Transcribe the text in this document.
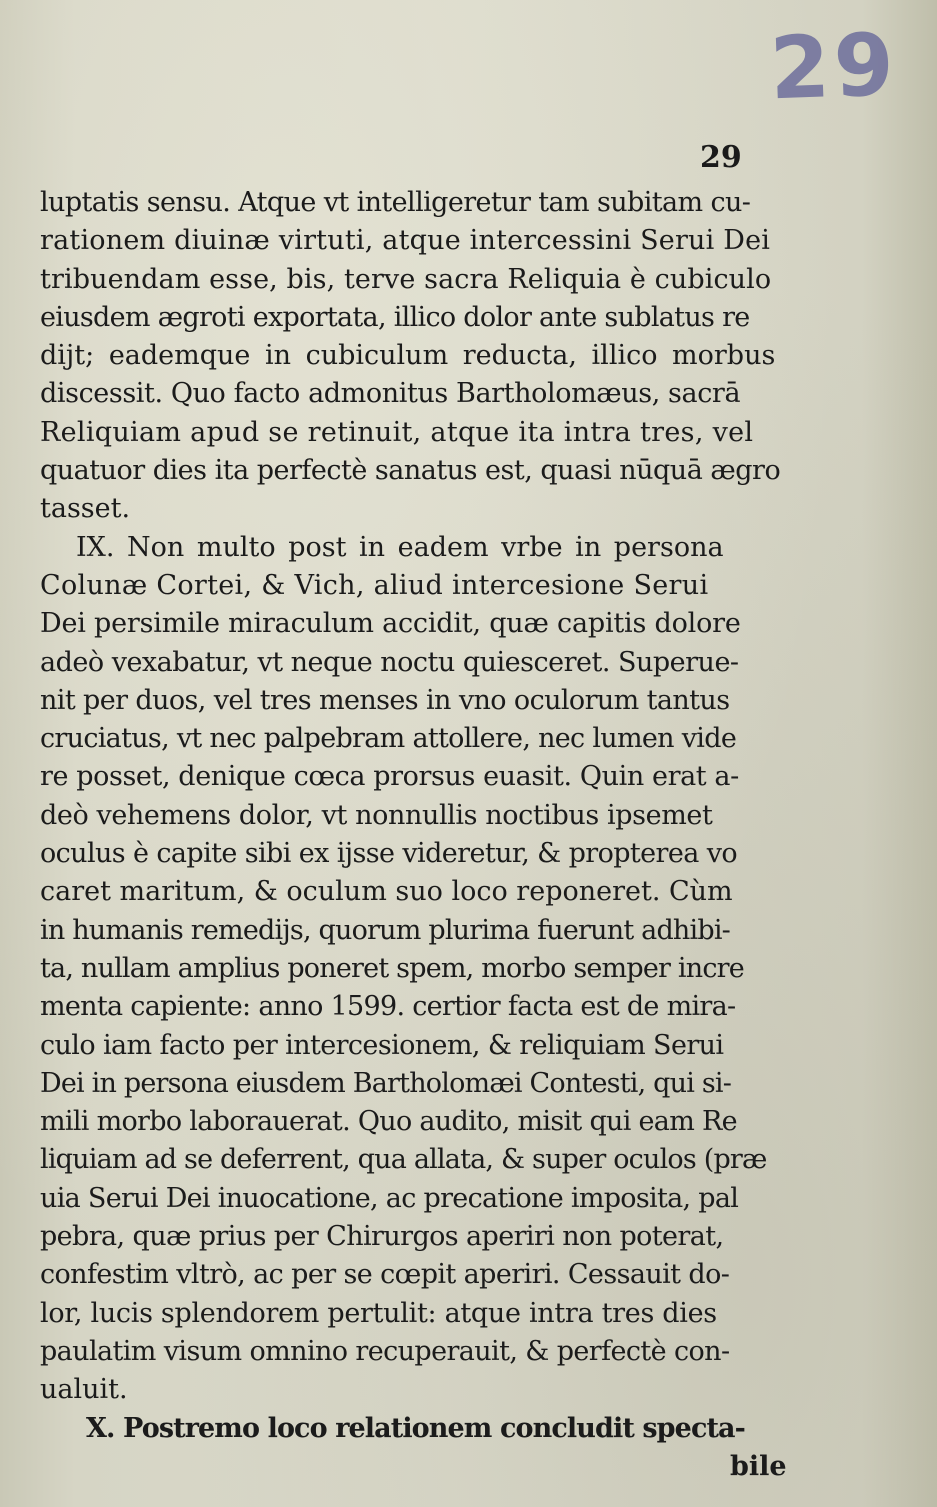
29
29
luptatis sensu. Atque vt intelligeretur tam subitam cu-
rationem diuinæ virtuti, atque intercessini Serui Dei
tribuendam esse, bis, terve sacra Reliquia è cubiculo
eiusdem ægroti exportata, illico dolor ante sublatus re
dijt; eademque in cubiculum reducta, illico morbus
discessit. Quo facto admonitus Bartholomæus, sacrā
Reliquiam apud se retinuit, atque ita intra tres, vel
quatuor dies ita perfectè sanatus est, quasi nūquā ægro
tasset.
IX. Non multo post in eadem vrbe in persona
Colunæ Cortei, & Vich, aliud intercesione Serui
Dei persimile miraculum accidit, quæ capitis dolore
adeò vexabatur, vt neque noctu quiesceret. Superue-
nit per duos, vel tres menses in vno oculorum tantus
cruciatus, vt nec palpebram attollere, nec lumen vide
re posset, denique cœca prorsus euasit. Quin erat a-
deò vehemens dolor, vt nonnullis noctibus ipsemet
oculus è capite sibi ex ijsse videretur, & propterea vo
caret maritum, & oculum suo loco reponeret. Cùm
in humanis remedijs, quorum plurima fuerunt adhibi-
ta, nullam amplius poneret spem, morbo semper incre
menta capiente: anno 1599. certior facta est de mira-
culo iam facto per intercesionem, & reliquiam Serui
Dei in persona eiusdem Bartholomæi Contesti, qui si-
mili morbo laborauerat. Quo audito, misit qui eam Re
liquiam ad se deferrent, qua allata, & super oculos (præ
uia Serui Dei inuocatione, ac precatione imposita, pal
pebra, quæ prius per Chirurgos aperiri non poterat,
confestim vltrò, ac per se cœpit aperiri. Cessauit do-
lor, lucis splendorem pertulit: atque intra tres dies
paulatim visum omnino recuperauit, & perfectè con-
ualuit.
X. Postremo loco relationem concludit specta-
bile
